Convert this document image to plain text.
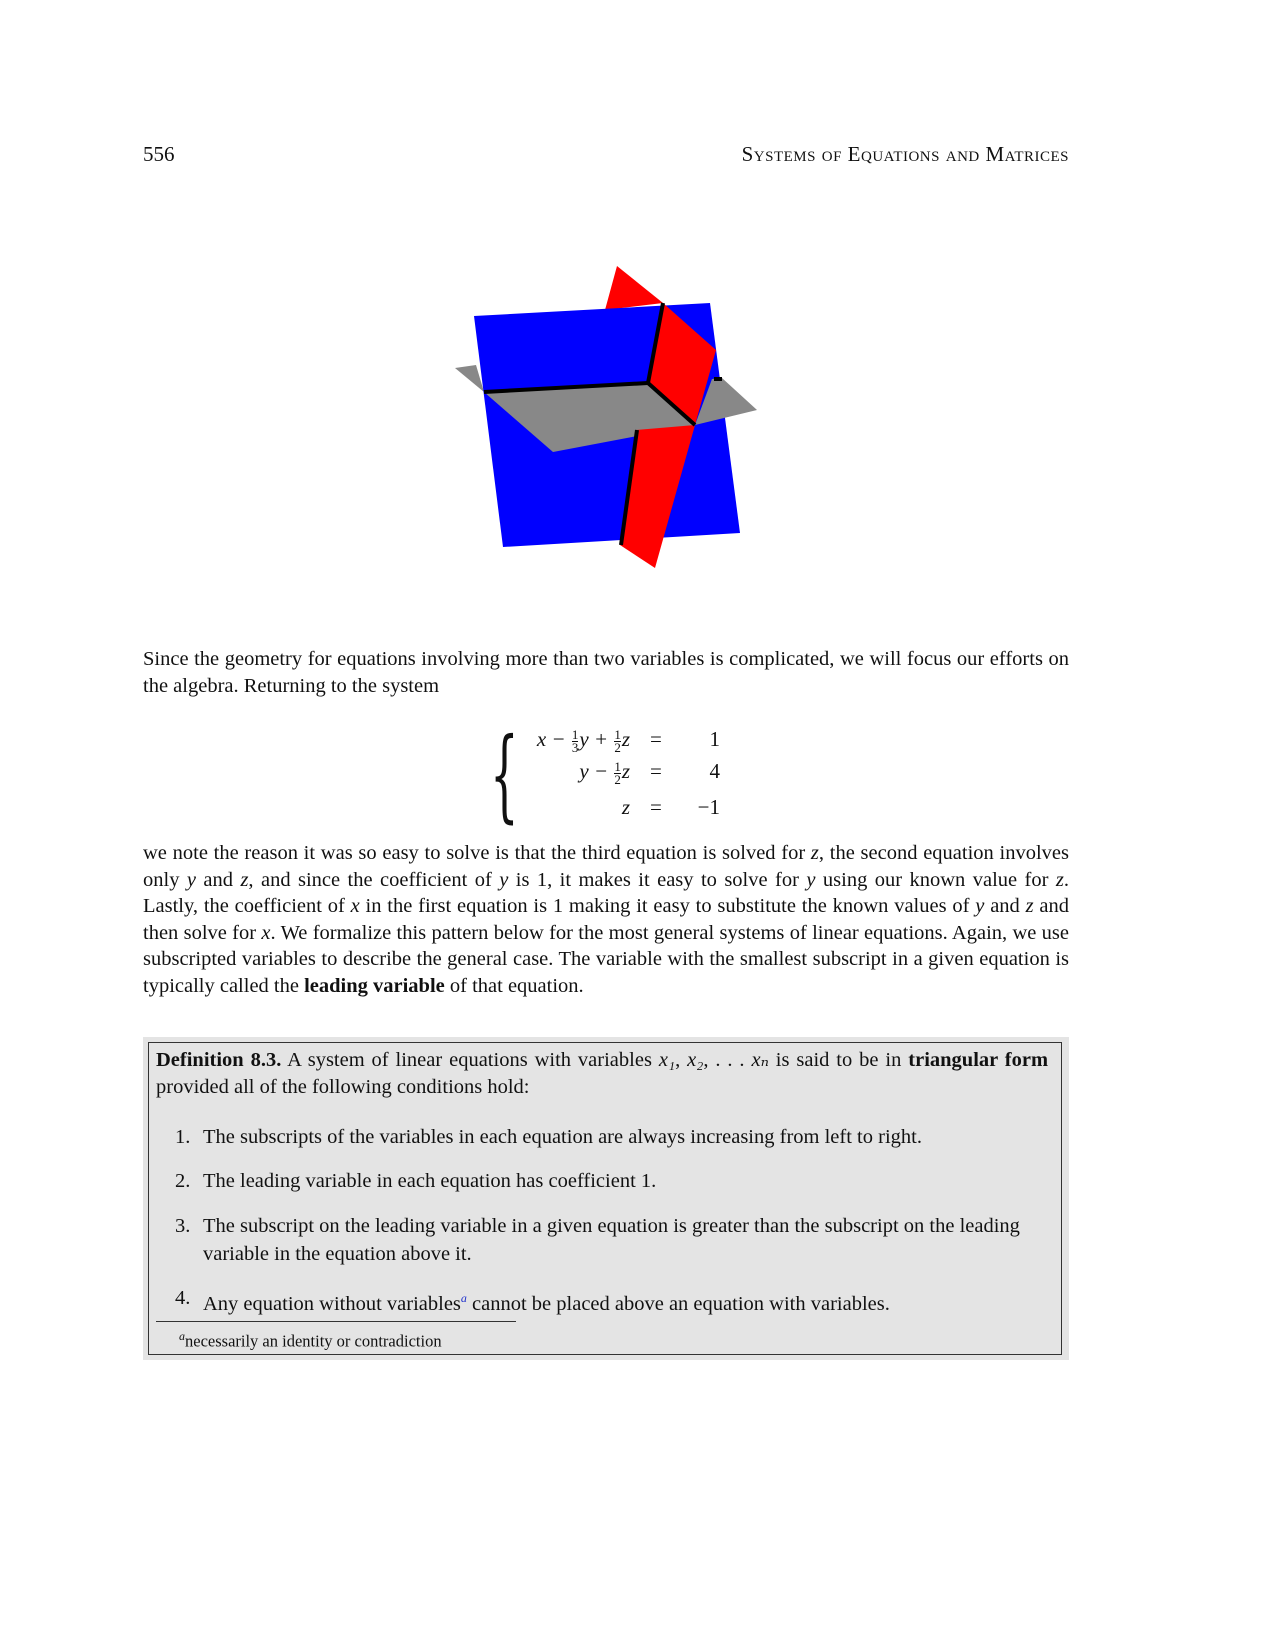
556	Systems of Equations and Matrices
Since the geometry for equations involving more than two variables is complicated, we will focus our efforts on the algebra. Returning to the system
{ $x - \frac{1}{3}$ $y + \frac{1}{2}$ z = 1
$y - \frac{1}{2}$ z = 4
z = −1
we note the reason it was so easy to solve is that the third equation is solved for z, the second equation involves only y and z, and since the coefficient of y is 1, it makes it easy to solve for y using our known value for z. Lastly, the coefficient of x in the first equation is 1 making it easy to substitute the known values of y and z and then solve for x. We formalize this pattern below for the most general systems of linear equations. Again, we use subscripted variables to describe the general case. The variable with the smallest subscript in a given equation is typically called the leading variable of that equation.
Definition 8.3. A system of linear equations with variables x₁, x₂, . . . xₙ is said to be in triangular form provided all of the following conditions hold:
1. The subscripts of the variables in each equation are always increasing from left to right.
2. The leading variable in each equation has coefficient 1.
3. The subscript on the leading variable in a given equation is greater than the subscript on the leading variable in the equation above it.
4. Any equation without variables$^a$ cannot be placed above an equation with variables.
$^a$necessarily an identity or contradiction
